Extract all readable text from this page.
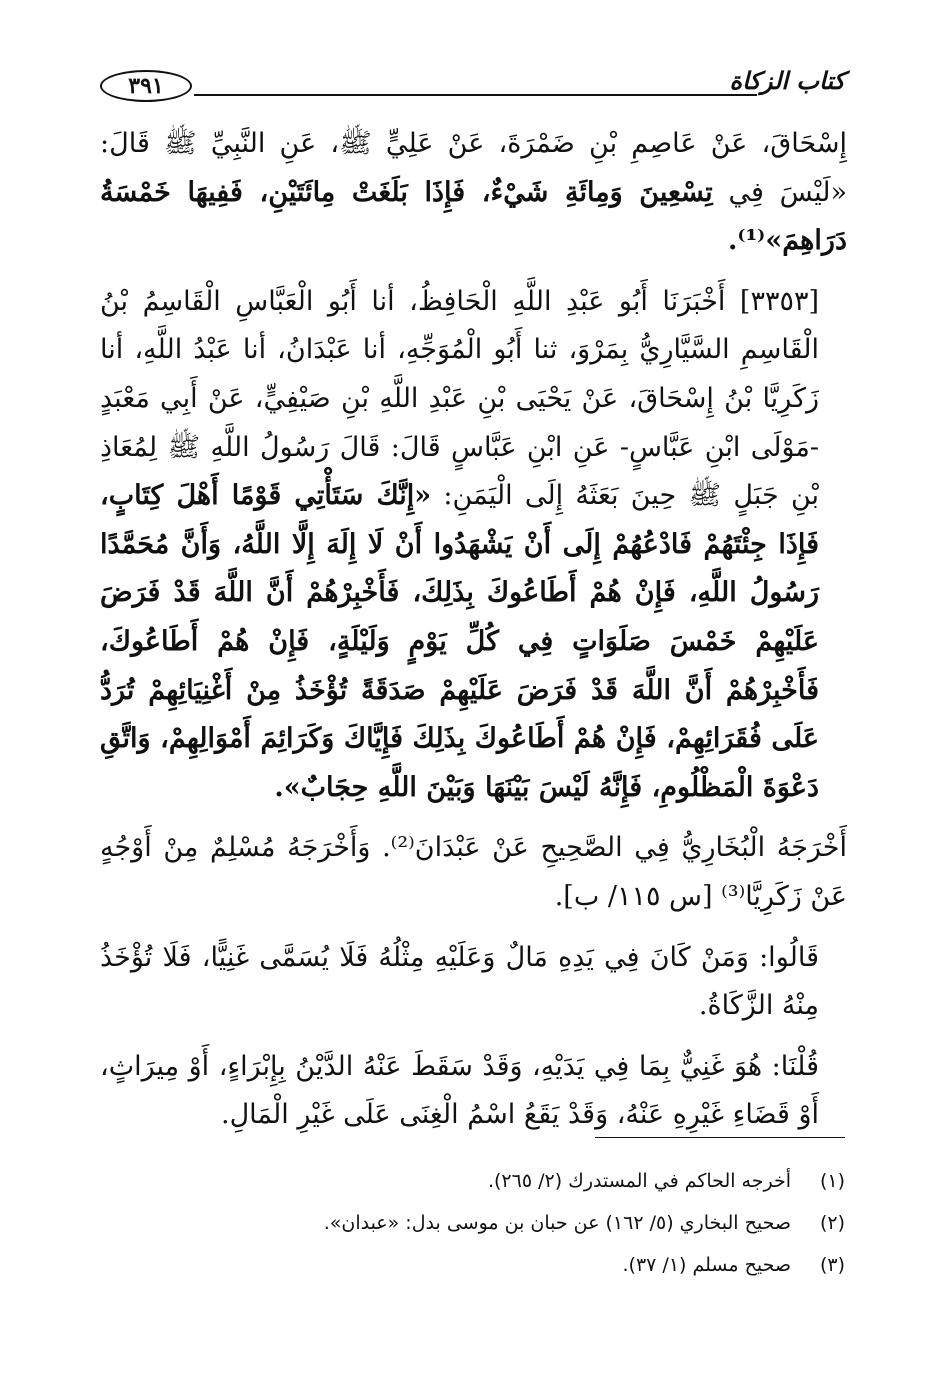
كتاب الزكاة
٣٩١

إِسْحَاقَ، عَنْ عَاصِمِ بْنِ ضَمْرَةَ، عَنْ عَلِيٍّ ﷺ، عَنِ النَّبِيِّ ﷺ قَالَ: «لَيْسَ فِي تِسْعِينَ وَمِائَةِ شَيْءٌ، فَإِذَا بَلَغَتْ مِائَتَيْنِ، فَفِيهَا خَمْسَةُ دَرَاهِمَ»⁽¹⁾.

[٣٣٥٣] أَخْبَرَنَا أَبُو عَبْدِ اللَّهِ الْحَافِظُ، أنا أَبُو الْعَبَّاسِ الْقَاسِمُ بْنُ الْقَاسِمِ السَّيَّارِيُّ بِمَرْوَ، ثنا أَبُو الْمُوَجِّهِ، أنا عَبْدَانُ، أنا عَبْدُ اللَّهِ، أنا زَكَرِيَّا بْنُ إِسْحَاقَ، عَنْ يَحْيَى بْنِ عَبْدِ اللَّهِ بْنِ صَيْفِيٍّ، عَنْ أَبِي مَعْبَدٍ -مَوْلَى ابْنِ عَبَّاسٍ- عَنِ ابْنِ عَبَّاسٍ قَالَ: قَالَ رَسُولُ اللَّهِ ﷺ لِمُعَاذِ بْنِ جَبَلٍ ﷺ حِينَ بَعَثَهُ إِلَى الْيَمَنِ: «إِنَّكَ سَتَأْتِي قَوْمًا أَهْلَ كِتَابٍ، فَإِذَا جِئْتَهُمْ فَادْعُهُمْ إِلَى أَنْ يَشْهَدُوا أَنْ لَا إِلَهَ إِلَّا اللَّهُ، وَأَنَّ مُحَمَّدًا رَسُولُ اللَّهِ، فَإِنْ هُمْ أَطَاعُوكَ بِذَلِكَ، فَأَخْبِرْهُمْ أَنَّ اللَّهَ قَدْ فَرَضَ عَلَيْهِمْ خَمْسَ صَلَوَاتٍ فِي كُلِّ يَوْمٍ وَلَيْلَةٍ، فَإِنْ هُمْ أَطَاعُوكَ، فَأَخْبِرْهُمْ أَنَّ اللَّهَ قَدْ فَرَضَ عَلَيْهِمْ صَدَقَةً تُؤْخَذُ مِنْ أَغْنِيَائِهِمْ تُرَدُّ عَلَى فُقَرَائِهِمْ، فَإِنْ هُمْ أَطَاعُوكَ بِذَلِكَ فَإِيَّاكَ وَكَرَائِمَ أَمْوَالِهِمْ، وَاتَّقِ دَعْوَةَ الْمَظْلُومِ، فَإِنَّهُ لَيْسَ بَيْنَهَا وَبَيْنَ اللَّهِ حِجَابٌ».

أَخْرَجَهُ الْبُخَارِيُّ فِي الصَّحِيحِ عَنْ عَبْدَانَ⁽²⁾. وَأَخْرَجَهُ مُسْلِمٌ مِنْ أَوْجُهٍ عَنْ زَكَرِيَّا⁽³⁾ [س ١١٥/ ب].

قَالُوا: وَمَنْ كَانَ فِي يَدِهِ مَالٌ وَعَلَيْهِ مِثْلُهُ فَلَا يُسَمَّى غَنِيًّا، فَلَا تُؤْخَذُ مِنْهُ الزَّكَاةُ.

قُلْنَا: هُوَ غَنِيٌّ بِمَا فِي يَدَيْهِ، وَقَدْ سَقَطَ عَنْهُ الدَّيْنُ بِإِبْرَاءٍ، أَوْ مِيرَاثٍ، أَوْ قَضَاءِ غَيْرِهِ عَنْهُ، وَقَدْ يَقَعُ اسْمُ الْغِنَى عَلَى غَيْرِ الْمَالِ.

(١)
أخرجه الحاكم في المستدرك (٢/ ٢٦٥).
(٢)
صحيح البخاري (٥/ ١٦٢) عن حبان بن موسى بدل: «عبدان».
(٣)
صحيح مسلم (١/ ٣٧).
